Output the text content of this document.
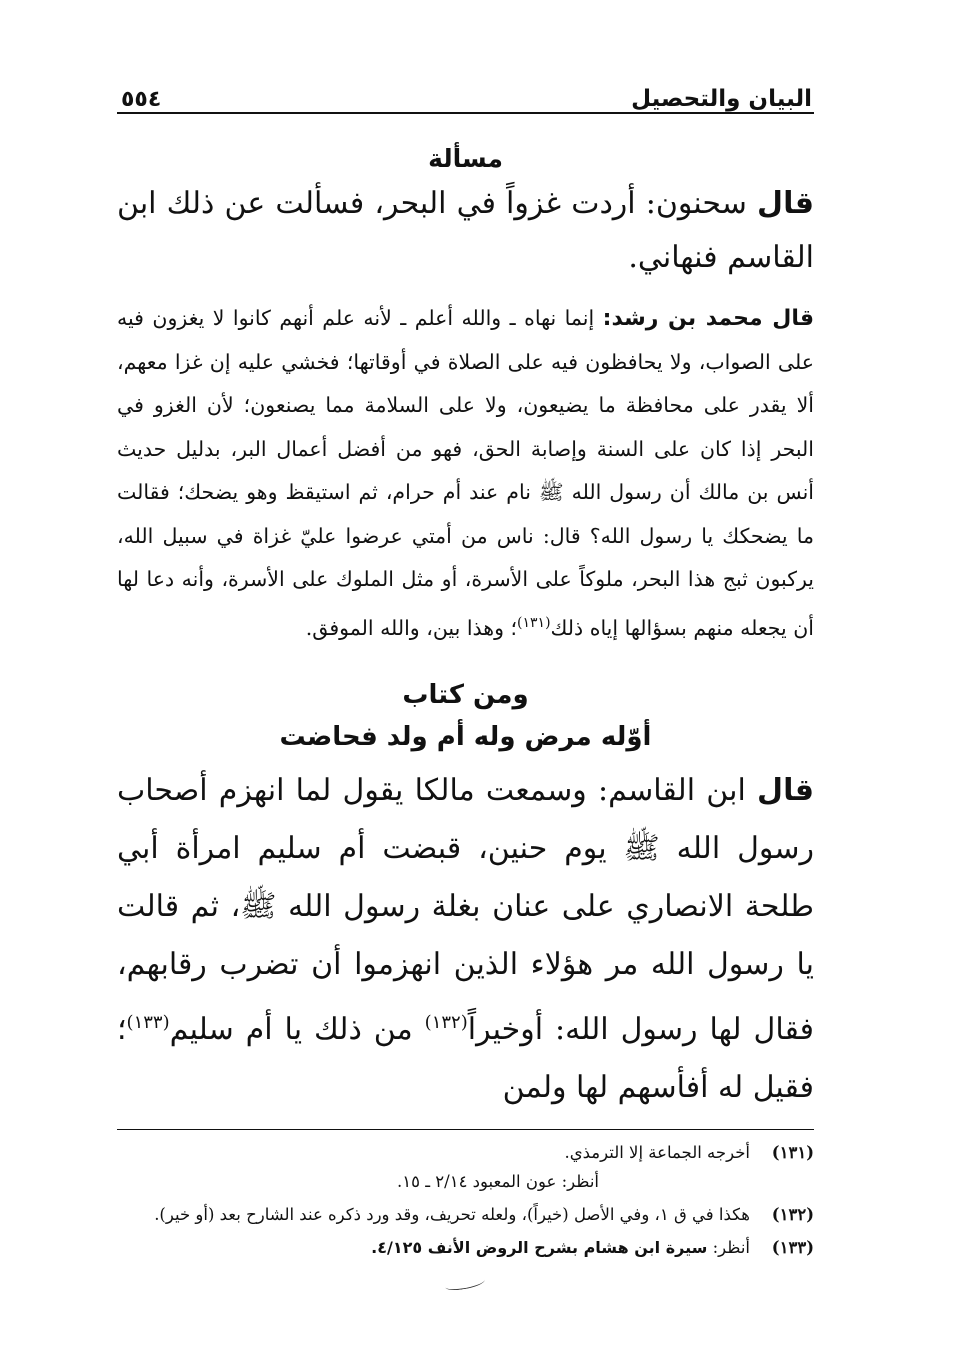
البيان والتحصيل
٥٥٤
مسألة

قال سحنون: أردت غزواً في البحر، فسألت عن ذلك ابن القاسم فنهاني.

قال محمد بن رشد: إنما نهاه ـ والله أعلم ـ لأنه علم أنهم كانوا لا يغزون فيه على الصواب، ولا يحافظون فيه على الصلاة في أوقاتها؛ فخشي عليه إن غزا معهم، ألا يقدر على محافظة ما يضيعون، ولا على السلامة مما يصنعون؛ لأن الغزو في البحر إذا كان على السنة وإصابة الحق، فهو من أفضل أعمال البر، بدليل حديث أنس بن مالك أن رسول الله ﷺ نام عند أم حرام، ثم استيقظ وهو يضحك؛ فقالت ما يضحكك يا رسول الله؟ قال: ناس من أمتي عرضوا عليّ غزاة في سبيل الله، يركبون ثبج هذا البحر، ملوكاً على الأسرة، أو مثل الملوك على الأسرة، وأنه دعا لها أن يجعله منهم بسؤالها إياه ذلك$^{(١٣١)}$؛ وهذا بين، والله الموفق.

ومن كتاب
أوّله مرض وله أم ولد فحاضت

قال ابن القاسم: وسمعت مالكا يقول لما انهزم أصحاب رسول الله ﷺ يوم حنين، قبضت أم سليم امرأة أبي طلحة الانصاري على عنان بغلة رسول الله ﷺ، ثم قالت يا رسول الله مر هؤلاء الذين انهزموا أن تضرب رقابهم، فقال لها رسول الله: أوخيراً$^{(١٣٢)}$ من ذلك يا أم سليم$^{(١٣٣)}$؛ فقيل له أفأسهم لها ولمن

(١٣١)
أخرجه الجماعة إلا الترمذي.
أنظر: عون المعبود ٢/١٤ ـ ١٥.
(١٣٢)
هكذا في ق ١، وفي الأصل (خيراً)، ولعله تحريف، وقد ورد ذكره عند الشارح بعد (أو خير).
(١٣٣)
أنظر: سيرة ابن هشام بشرح الروض الأنف ٤/١٢٥.
